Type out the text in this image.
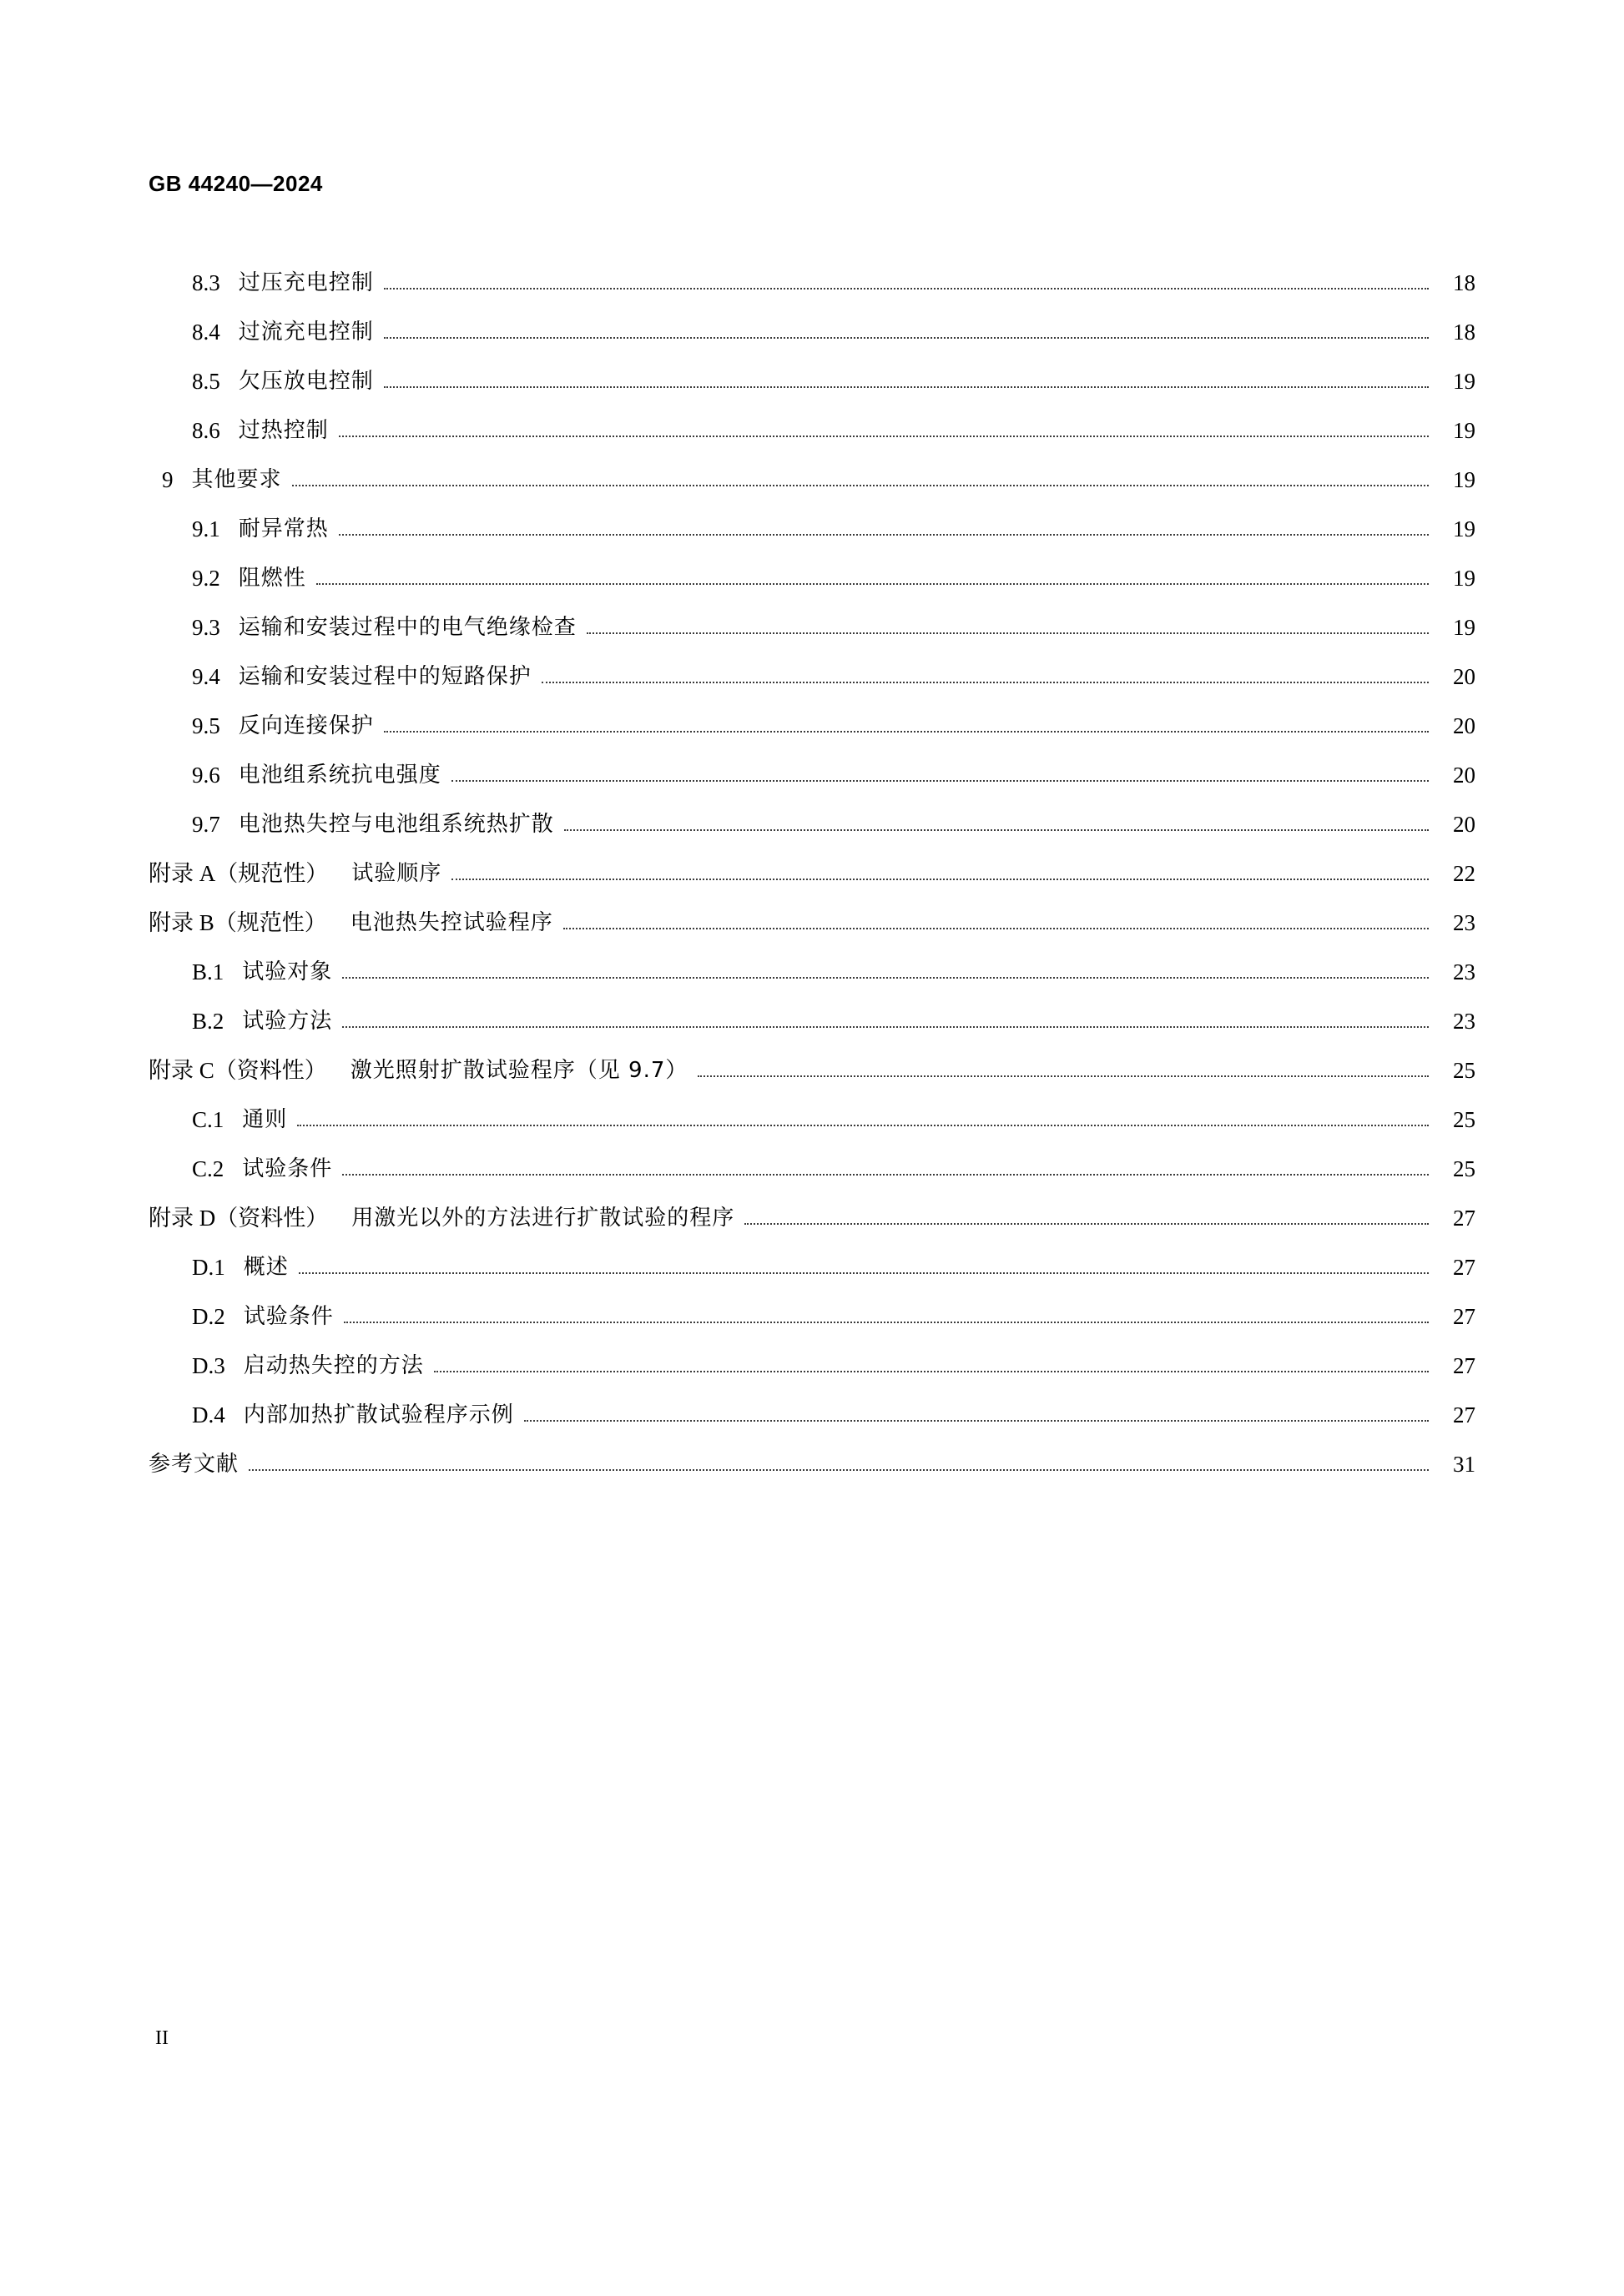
GB 44240—2024
8.3 过压充电控制	18
8.4 过流充电控制	18
8.5 欠压放电控制	19
8.6 过热控制	19
9 其他要求	19
9.1 耐异常热	19
9.2 阻燃性	19
9.3 运输和安装过程中的电气绝缘检查	19
9.4 运输和安装过程中的短路保护	20
9.5 反向连接保护	20
9.6 电池组系统抗电强度	20
9.7 电池热失控与电池组系统热扩散	20
附录 A（规范性） 试验顺序	22
附录 B（规范性） 电池热失控试验程序	23
B.1 试验对象	23
B.2 试验方法	23
附录 C（资料性） 激光照射扩散试验程序（见 9.7）	25
C.1 通则	25
C.2 试验条件	25
附录 D（资料性） 用激光以外的方法进行扩散试验的程序	27
D.1 概述	27
D.2 试验条件	27
D.3 启动热失控的方法	27
D.4 内部加热扩散试验程序示例	27
参考文献	31
II
